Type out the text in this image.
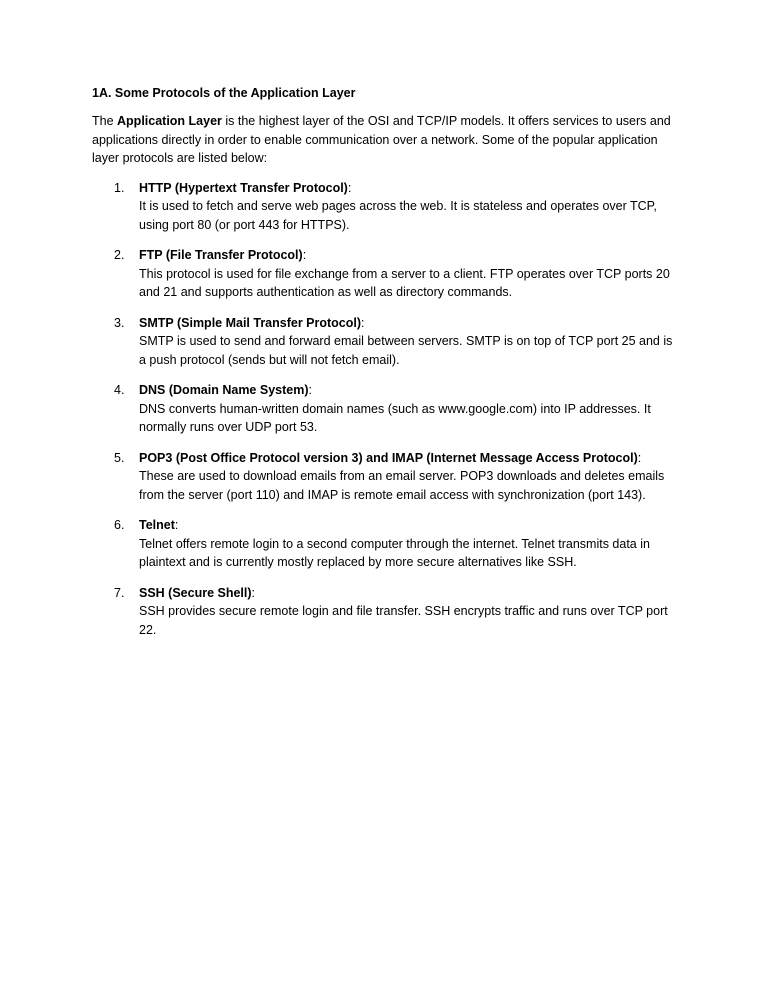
1A. Some Protocols of the Application Layer

The Application Layer is the highest layer of the OSI and TCP/IP models. It offers services to users and applications directly in order to enable communication over a network. Some of the popular application layer protocols are listed below:

1. HTTP (Hypertext Transfer Protocol):
It is used to fetch and serve web pages across the web. It is stateless and operates over TCP, using port 80 (or port 443 for HTTPS).
2. FTP (File Transfer Protocol):
This protocol is used for file exchange from a server to a client. FTP operates over TCP ports 20 and 21 and supports authentication as well as directory commands.
3. SMTP (Simple Mail Transfer Protocol):
SMTP is used to send and forward email between servers. SMTP is on top of TCP port 25 and is a push protocol (sends but will not fetch email).
4. DNS (Domain Name System):
DNS converts human-written domain names (such as www.google.com) into IP addresses. It normally runs over UDP port 53.
5. POP3 (Post Office Protocol version 3) and IMAP (Internet Message Access Protocol):
These are used to download emails from an email server. POP3 downloads and deletes emails from the server (port 110) and IMAP is remote email access with synchronization (port 143).
6. Telnet:
Telnet offers remote login to a second computer through the internet. Telnet transmits data in plaintext and is currently mostly replaced by more secure alternatives like SSH.
7. SSH (Secure Shell):
SSH provides secure remote login and file transfer. SSH encrypts traffic and runs over TCP port 22.
